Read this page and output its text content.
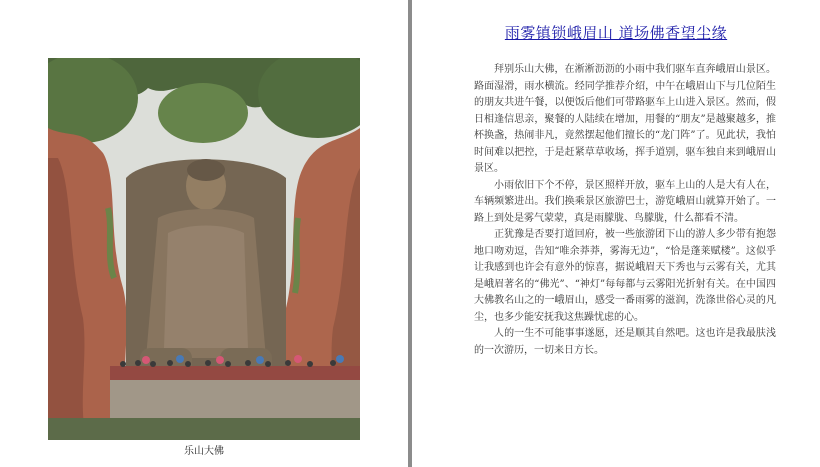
乐山大佛
雨雾镇锁峨眉山 道场佛香望尘缘

拜别乐山大佛，在淅淅沥沥的小雨中我们驱车直奔峨眉山景区。路面湿滑，雨水横流。经同学推荐介绍，中午在峨眉山下与几位陌生的朋友共进午餐，以便饭后他们可带路驱车上山进入景区。然而，假日相逢信思亲，聚餐的人陆续在增加，用餐的“朋友”是越聚越多，推杯换盏，热闹非凡，竟然摆起他们擅长的“龙门阵”了。见此状，我怕时间难以把控，于是赶紧草草收场，挥手道别，驱车独自来到峨眉山景区。

小雨依旧下个不停，景区照样开放，驱车上山的人是大有人在，车辆频繁进出。我们换乘景区旅游巴士，游览峨眉山就算开始了。一路上到处是雾气蒙蒙，真是雨朦胧、鸟朦胧，什么都看不清。

正犹豫是否要打道回府，被一些旅游团下山的游人多少带有抱怨地口吻劝逗，告知“唯余莽莽，雾海无边”，“恰是蓬莱赋楼”。这似乎让我感到也许会有意外的惊喜，据说峨眉天下秀也与云雾有关，尤其是峨眉著名的“佛光”、“神灯”每每都与云雾阳光折射有关。在中国四大佛教名山之的一峨眉山，感受一番雨雾的滋润，洗涤世俗心灵的凡尘，也多少能安抚我这焦躁忧虑的心。

人的一生不可能事事遂愿，还是顺其自然吧。这也许是我最肤浅的一次游历，一切来日方长。
